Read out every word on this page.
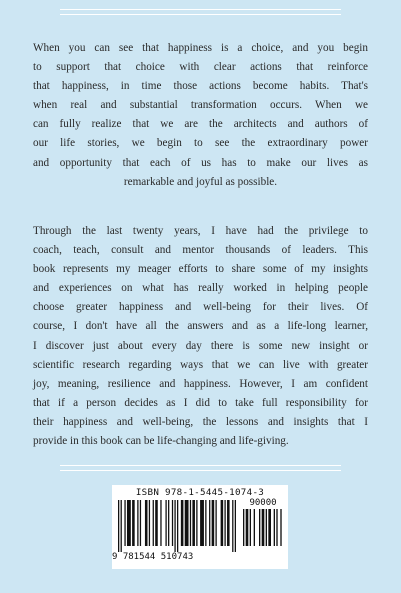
When you can see that happiness is a choice, and you begin
to support that choice with clear actions that reinforce
that happiness, in time those actions become habits. That's
when real and substantial transformation occurs. When we
can fully realize that we are the architects and authors of
our life stories, we begin to see the extraordinary power
and opportunity that each of us has to make our lives as
remarkable and joyful as possible.
Through the last twenty years, I have had the privilege to
coach, teach, consult and mentor thousands of leaders. This
book represents my meager efforts to share some of my insights
and experiences on what has really worked in helping people
choose greater happiness and well-being for their lives. Of
course, I don't have all the answers and as a life-long learner,
I discover just about every day there is some new insight or
scientific research regarding ways that we can live with greater
joy, meaning, resilience and happiness. However, I am confident
that if a person decides as I did to take full responsibility for
their happiness and well-being, the lessons and insights that I
provide in this book can be life-changing and life-giving.
ISBN 978-1-5445-1074-3
90000
9 781544 510743
